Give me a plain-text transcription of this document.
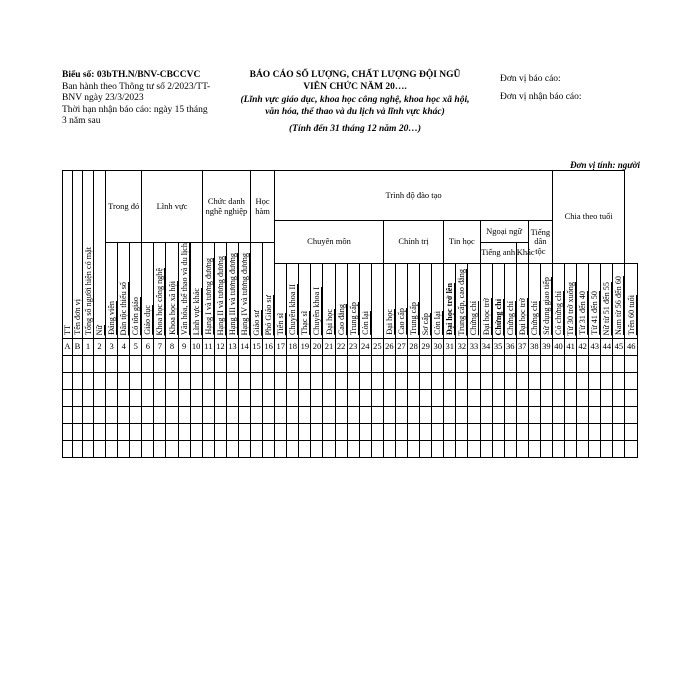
Biểu số: 03bTH.N/BNV-CBCCVC
Ban hành theo Thông tư số 2/2023/TT-BNV ngày 23/3/2023
Thời hạn nhận báo cáo: ngày 15 tháng 3 năm sau
BÁO CÁO SỐ LƯỢNG, CHẤT LƯỢNG ĐỘI NGŨ VIÊN CHỨC NĂM 20….
(Lĩnh vực giáo dục, khoa học công nghệ, khoa học xã hội, văn hóa, thể thao và du lịch và lĩnh vực khác)
(Tính đến 31 tháng 12 năm 20…)
Đơn vị báo cáo:
Đơn vị nhận báo cáo:
Đơn vị tính: người
TT	Tên đơn vị	Tổng số người hiện có mặt	Nữ	Trong đó			Lĩnh vực					Chức danh nghề nghiệp				Học hàm		Trình độ đào tạo																							Chia theo tuổi						
																		Chuyên môn									Chính trị					Tin học			Ngoại ngữ				Tiếng dân tộc								
				Đảng viên	Dân tộc thiểu số	Có tôn giáo	Giáo dục	Khoa học công nghệ	Khoa học xã hội	Văn hóa, thể thao và du lịch	Lĩnh vực khác	Hạng I và tương đương	Hạng II và tương đương	Hạng III và tương đương	Hạng IV và tương đương	Giáo sư	Phó Giáo sư																		Tiếng anh			Khác									
																		Tiến sĩ	Chuyên khoa II	Thạc sĩ	Chuyên khoa I	Đại học	Cao đẳng	Trung cấp	Còn lại		Đại học	Cao cấp	Trung cấp	Sơ cấp	Còn lại	Đại học trở lên	Trung cấp, cao đẳng	Chứng chỉ	Đại học trở	Chứng chỉ	Chứng chỉ	Đại học trở	Chứng chỉ	Sử dụng giao tiếp	Có chứng chỉ	Từ 30 trở xuống	Từ 31 đến 40	Từ 41 đến 50	Nữ từ 51 đến 55	Nam từ 56 đến 60	Trên 60 tuổi
A	B	1	2	3	4	5	6	7	8	9	10	11	12	13	14	15	16	17	18	19	20	21	22	23	24	25	26	27	28	29	30	31	32	33	34	35	36	37	38	39	40	41	42	43	44	45	46
